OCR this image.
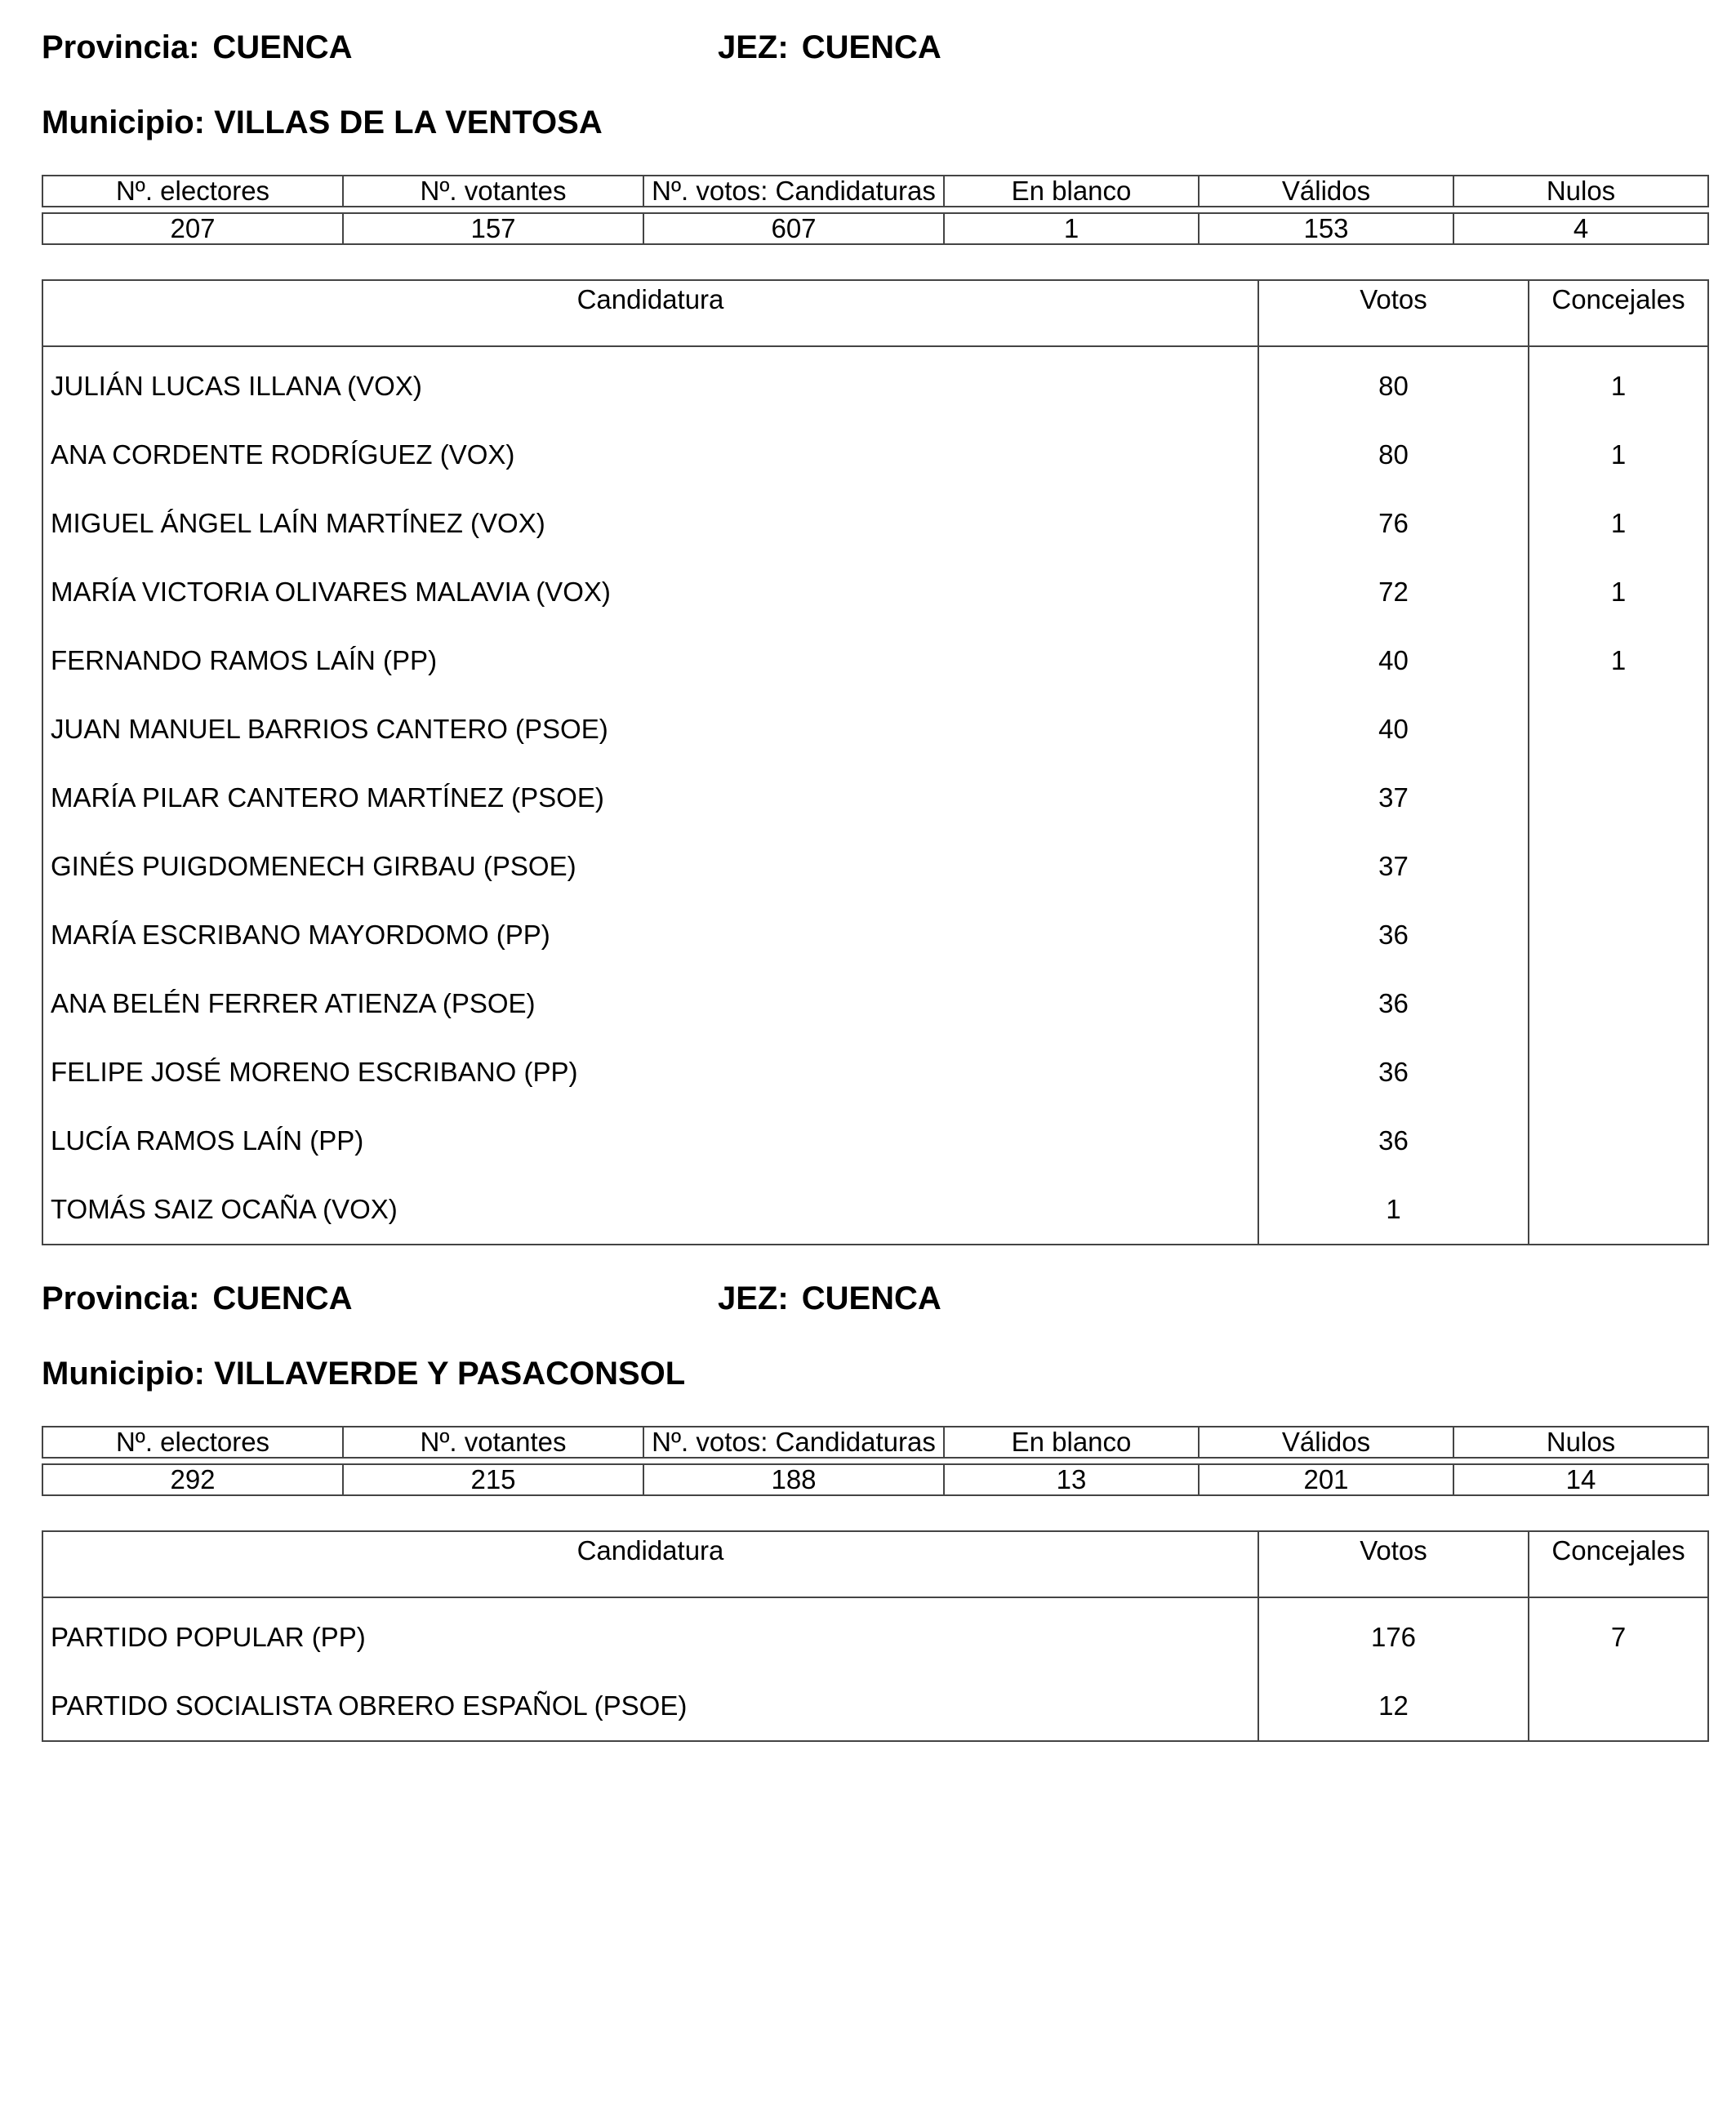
Provincia: CUENCA	JEZ: CUENCA
Municipio: VILLAS DE LA VENTOSA
Nº. electores	Nº. votantes	Nº. votos: Candidaturas	En blanco	Válidos	Nulos

207	157	607	1	153	4
Candidatura	Votos	Concejales
JULIÁN LUCAS ILLANA (VOX)	80	1
ANA CORDENTE RODRÍGUEZ (VOX)	80	1
MIGUEL ÁNGEL LAÍN MARTÍNEZ (VOX)	76	1
MARÍA VICTORIA OLIVARES MALAVIA (VOX)	72	1
FERNANDO RAMOS LAÍN (PP)	40	1
JUAN MANUEL BARRIOS CANTERO (PSOE)	40	
MARÍA PILAR CANTERO MARTÍNEZ (PSOE)	37	
GINÉS PUIGDOMENECH GIRBAU (PSOE)	37	
MARÍA ESCRIBANO MAYORDOMO (PP)	36	
ANA BELÉN FERRER ATIENZA (PSOE)	36	
FELIPE JOSÉ MORENO ESCRIBANO (PP)	36	
LUCÍA RAMOS LAÍN (PP)	36	
TOMÁS SAIZ OCAÑA (VOX)	1	
Provincia: CUENCA	JEZ: CUENCA
Municipio: VILLAVERDE Y PASACONSOL
Nº. electores	Nº. votantes	Nº. votos: Candidaturas	En blanco	Válidos	Nulos

292	215	188	13	201	14
Candidatura	Votos	Concejales
PARTIDO POPULAR (PP)	176	7
PARTIDO SOCIALISTA OBRERO ESPAÑOL (PSOE)	12	
